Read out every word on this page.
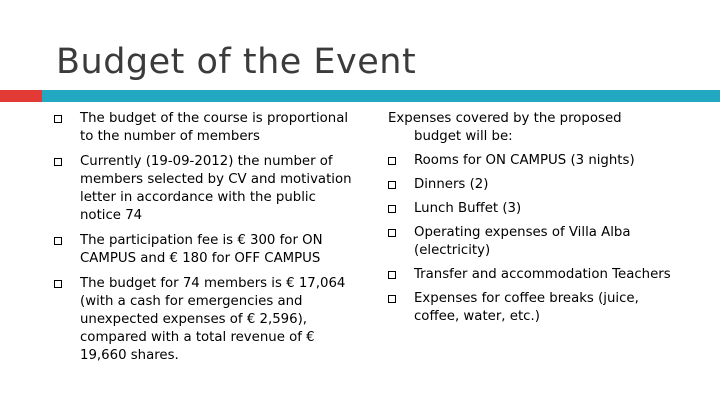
Budget of the Event
The budget of the course is proportional to the number of members
Currently (19-09-2012) the number of members selected by CV and motivation letter in accordance with the public notice 74
The participation fee is € 300 for ON CAMPUS and € 180 for OFF CAMPUS
The budget for 74 members is € 17,064 (with a cash for emergencies and unexpected expenses of € 2,596), compared with a total revenue of € 19,660 shares.
Expenses covered by the proposed
budget will be:
Rooms for ON CAMPUS (3 nights)
Dinners (2)
Lunch Buffet (3)
Operating expenses of Villa Alba (electricity)
Transfer and accommodation Teachers
Expenses for coffee breaks (juice, coffee, water, etc.)
